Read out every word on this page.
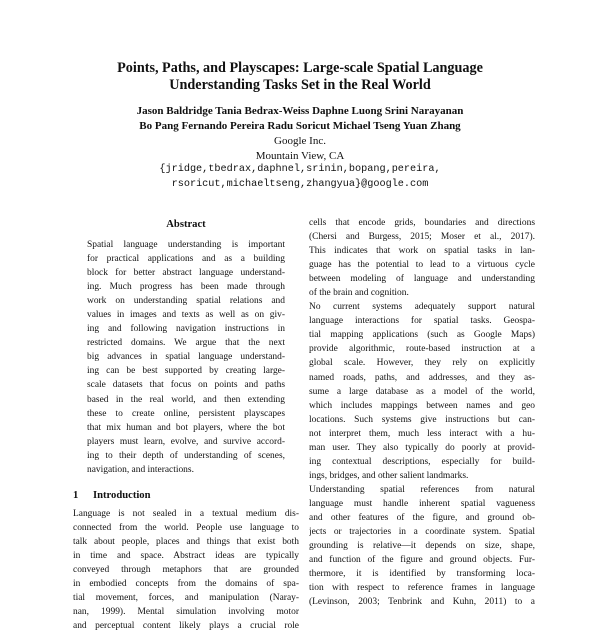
Points, Paths, and Playscapes: Large-scale Spatial Language
Understanding Tasks Set in the Real World
Jason Baldridge Tania Bedrax-Weiss Daphne Luong Srini Narayanan
Bo Pang Fernando Pereira Radu Soricut Michael Tseng Yuan Zhang
Google Inc.
Mountain View, CA
{jridge,tbedrax,daphnel,srinin,bopang,pereira,
rsoricut,michaeltseng,zhangyua}@google.com
Abstract
Spatial language understanding is important
for practical applications and as a building
block for better abstract language understand-
ing. Much progress has been made through
work on understanding spatial relations and
values in images and texts as well as on giv-
ing and following navigation instructions in
restricted domains. We argue that the next
big advances in spatial language understand-
ing can be best supported by creating large-
scale datasets that focus on points and paths
based in the real world, and then extending
these to create online, persistent playscapes
that mix human and bot players, where the bot
players must learn, evolve, and survive accord-
ing to their depth of understanding of scenes,
navigation, and interactions.
1 Introduction
Language is not sealed in a textual medium dis-
connected from the world. People use language to
talk about people, places and things that exist both
in time and space. Abstract ideas are typically
conveyed through metaphors that are grounded
in embodied concepts from the domains of spa-
tial movement, forces, and manipulation (Naray-
nan, 1999). Mental simulation involving motor
and perceptual content likely plays a crucial role
cells that encode grids, boundaries and directions
(Chersi and Burgess, 2015; Moser et al., 2017).
This indicates that work on spatial tasks in lan-
guage has the potential to lead to a virtuous cycle
between modeling of language and understanding
of the brain and cognition.
No current systems adequately support natural
language interactions for spatial tasks. Geospa-
tial mapping applications (such as Google Maps)
provide algorithmic, route-based instruction at a
global scale. However, they rely on explicitly
named roads, paths, and addresses, and they as-
sume a large database as a model of the world,
which includes mappings between names and geo
locations. Such systems give instructions but can-
not interpret them, much less interact with a hu-
man user. They also typically do poorly at provid-
ing contextual descriptions, especially for build-
ings, bridges, and other salient landmarks.
Understanding spatial references from natural
language must handle inherent spatial vagueness
and other features of the figure, and ground ob-
jects or trajectories in a coordinate system. Spatial
grounding is relative—it depends on size, shape,
and function of the figure and ground objects. Fur-
thermore, it is identified by transforming loca-
tion with respect to reference frames in language
(Levinson, 2003; Tenbrink and Kuhn, 2011) to a
